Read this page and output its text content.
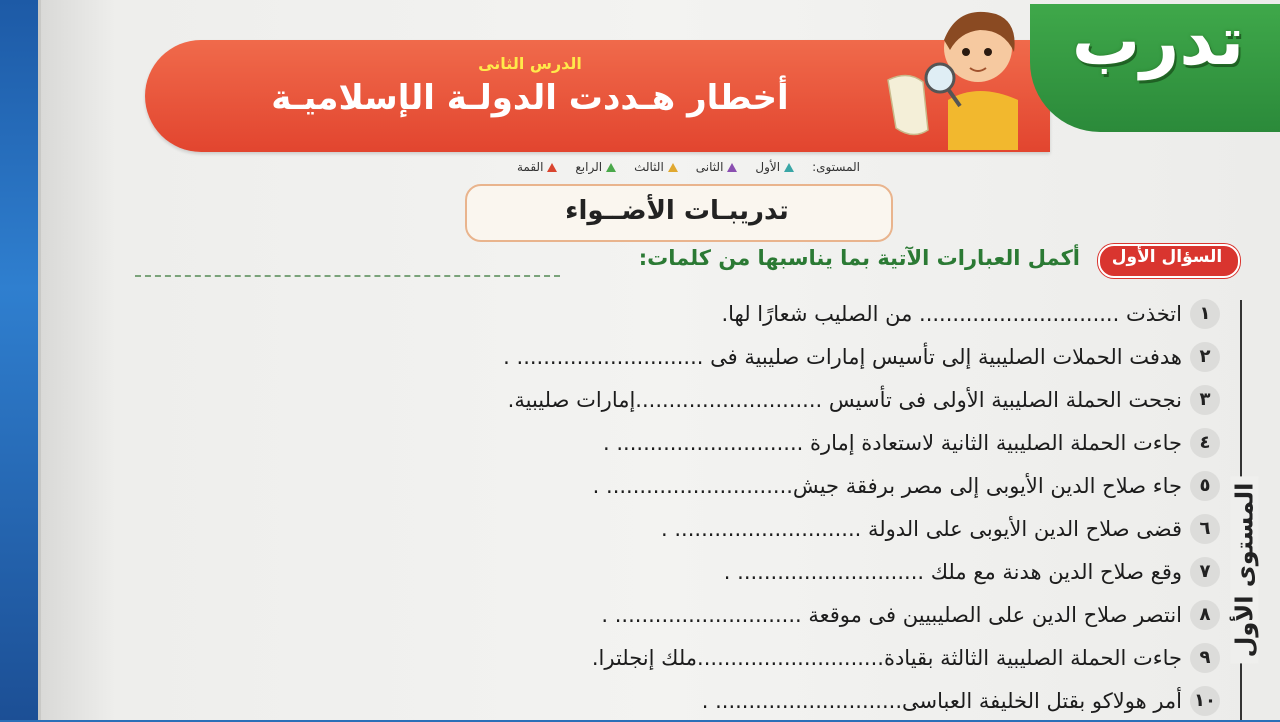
الدرس الثانى
أخطار هـددت الدولـة الإسلاميـة
تدرب
المستوى:
الأول
الثانى
الثالث
الرابع
القمة
تدريبـات الأضــواء
السؤال الأول
أكمل العبارات الآتية بما يناسبها من كلمات:
المستوى الأول
١
اتخذت .............................. من الصليب شعارًا لها.
٢
هدفت الحملات الصليبية إلى تأسيس إمارات صليبية فى ............................ .
٣
نجحت الحملة الصليبية الأولى فى تأسيس ............................إمارات صليبية.
٤
جاءت الحملة الصليبية الثانية لاستعادة إمارة ............................ .
٥
جاء صلاح الدين الأيوبى إلى مصر برفقة جيش............................ .
٦
قضى صلاح الدين الأيوبى على الدولة ............................ .
٧
وقع صلاح الدين هدنة مع ملك ............................ .
٨
انتصر صلاح الدين على الصليبيين فى موقعة ............................ .
٩
جاءت الحملة الصليبية الثالثة بقيادة............................ملك إنجلترا.
١٠
أمر هولاكو بقتل الخليفة العباسى............................ .
